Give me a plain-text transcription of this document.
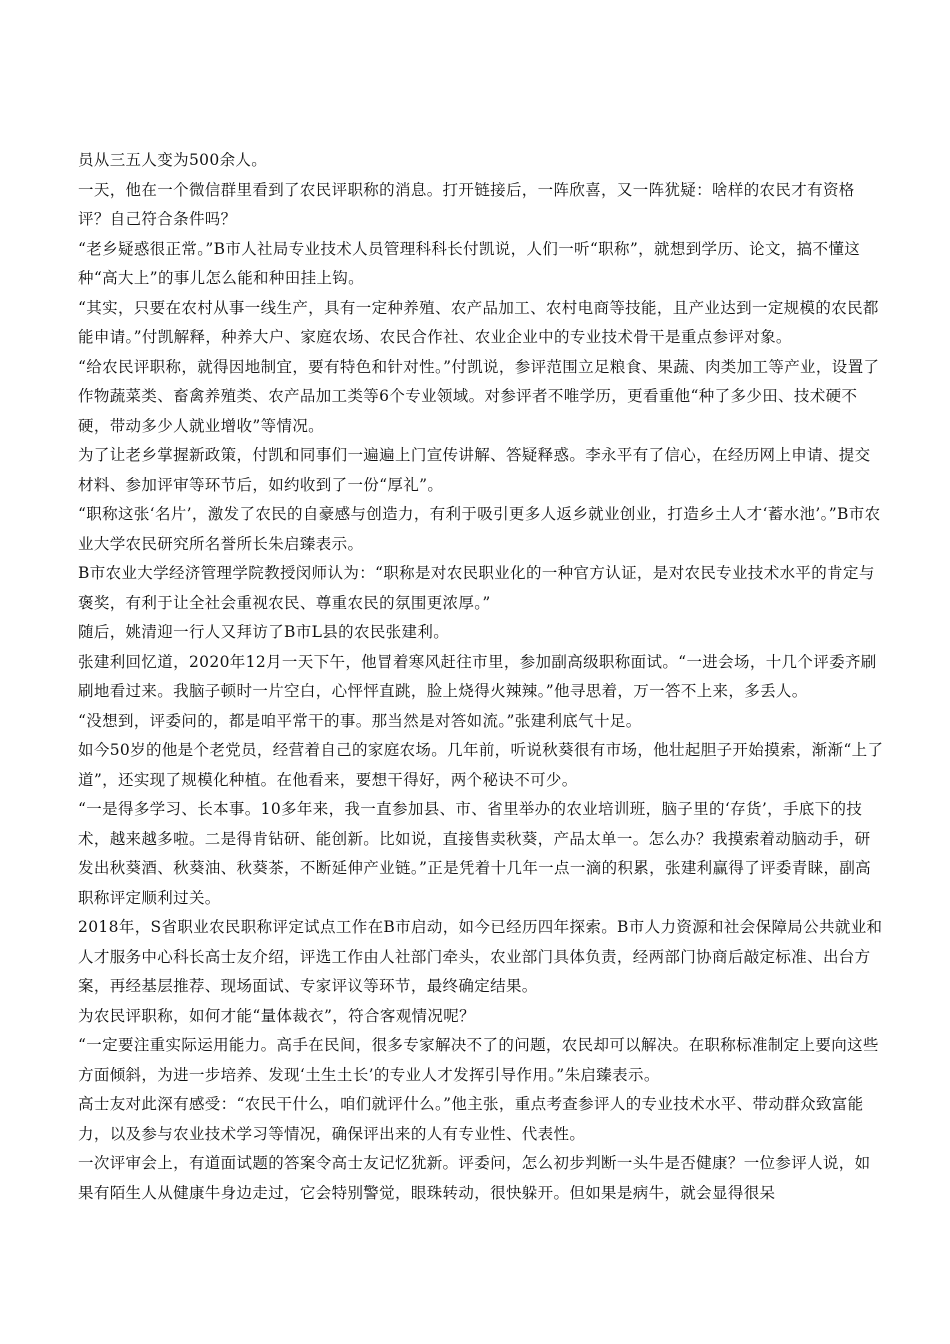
员从三五人变为500余人。

一天，他在一个微信群里看到了农民评职称的消息。打开链接后，一阵欣喜，又一阵犹疑：啥样的农民才有资格评？自己符合条件吗？

“老乡疑惑很正常。”B市人社局专业技术人员管理科科长付凯说，人们一听“职称”，就想到学历、论文，搞不懂这种“高大上”的事儿怎么能和种田挂上钩。

“其实，只要在农村从事一线生产，具有一定种养殖、农产品加工、农村电商等技能，且产业达到一定规模的农民都能申请。”付凯解释，种养大户、家庭农场、农民合作社、农业企业中的专业技术骨干是重点参评对象。

“给农民评职称，就得因地制宜，要有特色和针对性。”付凯说，参评范围立足粮食、果蔬、肉类加工等产业，设置了作物蔬菜类、畜禽养殖类、农产品加工类等6个专业领域。对参评者不唯学历，更看重他“种了多少田、技术硬不硬，带动多少人就业增收”等情况。

为了让老乡掌握新政策，付凯和同事们一遍遍上门宣传讲解、答疑释惑。李永平有了信心，在经历网上申请、提交材料、参加评审等环节后，如约收到了一份“厚礼”。

“职称这张‘名片’，激发了农民的自豪感与创造力，有利于吸引更多人返乡就业创业，打造乡土人才‘蓄水池’。”B市农业大学农民研究所名誉所长朱启臻表示。

B市农业大学经济管理学院教授闵师认为：“职称是对农民职业化的一种官方认证，是对农民专业技术水平的肯定与褒奖，有利于让全社会重视农民、尊重农民的氛围更浓厚。”

随后，姚清迎一行人又拜访了B市L县的农民张建利。

张建利回忆道，2020年12月一天下午，他冒着寒风赶往市里，参加副高级职称面试。“一进会场，十几个评委齐刷刷地看过来。我脑子顿时一片空白，心怦怦直跳，脸上烧得火辣辣。”他寻思着，万一答不上来，多丢人。

“没想到，评委问的，都是咱平常干的事。那当然是对答如流。”张建利底气十足。

如今50岁的他是个老党员，经营着自己的家庭农场。几年前，听说秋葵很有市场，他壮起胆子开始摸索，渐渐“上了道”，还实现了规模化种植。在他看来，要想干得好，两个秘诀不可少。

“一是得多学习、长本事。10多年来，我一直参加县、市、省里举办的农业培训班，脑子里的‘存货’，手底下的技术，越来越多啦。二是得肯钻研、能创新。比如说，直接售卖秋葵，产品太单一。怎么办？我摸索着动脑动手，研发出秋葵酒、秋葵油、秋葵茶，不断延伸产业链。”正是凭着十几年一点一滴的积累，张建利赢得了评委青睐，副高职称评定顺利过关。

2018年，S省职业农民职称评定试点工作在B市启动，如今已经历四年探索。B市人力资源和社会保障局公共就业和人才服务中心科长高士友介绍，评选工作由人社部门牵头，农业部门具体负责，经两部门协商后敲定标准、出台方案，再经基层推荐、现场面试、专家评议等环节，最终确定结果。

为农民评职称，如何才能“量体裁衣”，符合客观情况呢？

“一定要注重实际运用能力。高手在民间，很多专家解决不了的问题，农民却可以解决。在职称标准制定上要向这些方面倾斜，为进一步培养、发现‘土生土长’的专业人才发挥引导作用。”朱启臻表示。

高士友对此深有感受：“农民干什么，咱们就评什么。”他主张，重点考查参评人的专业技术水平、带动群众致富能力，以及参与农业技术学习等情况，确保评出来的人有专业性、代表性。

一次评审会上，有道面试题的答案令高士友记忆犹新。评委问，怎么初步判断一头牛是否健康？一位参评人说，如果有陌生人从健康牛身边走过，它会特别警觉，眼珠转动，很快躲开。但如果是病牛，就会显得很呆
